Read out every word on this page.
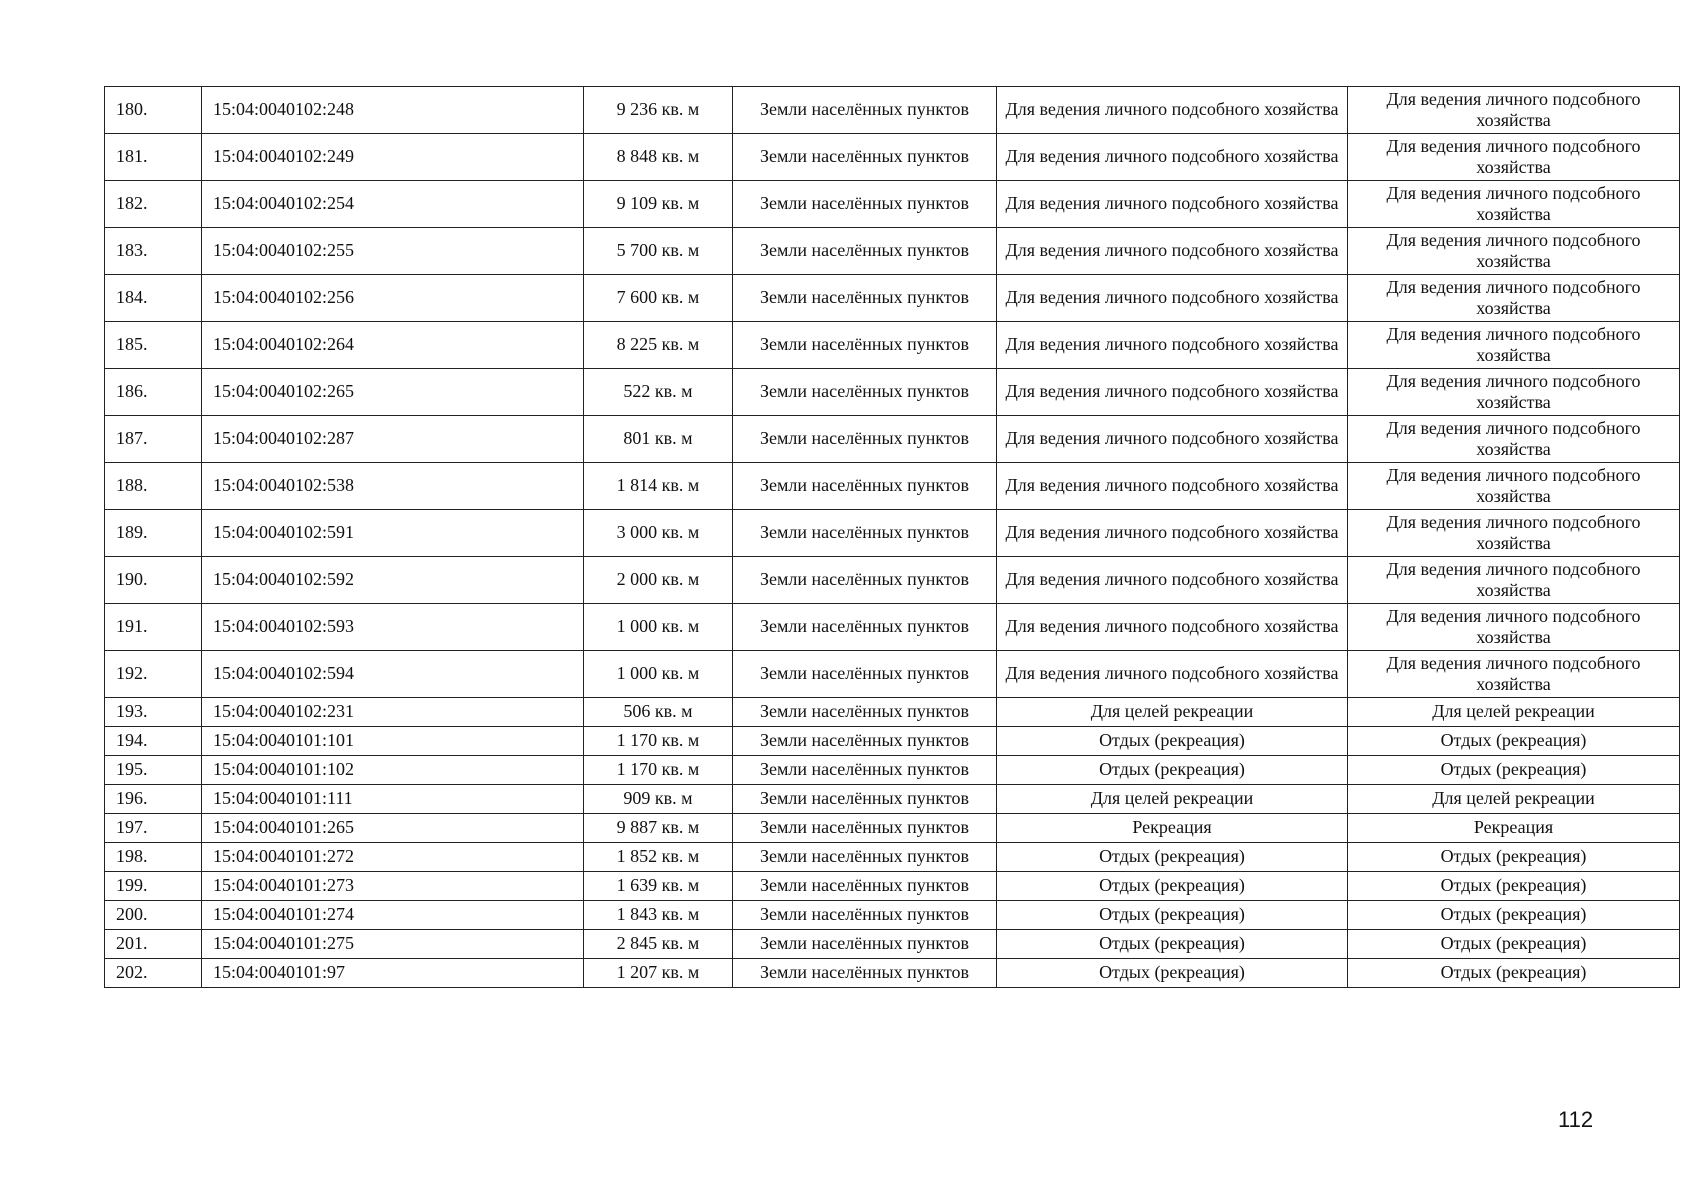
180.	15:04:0040102:248	9 236 кв. м	Земли населённых пунктов	Для ведения личного подсобного хозяйства	Для ведения личного подсобного хозяйства
181.	15:04:0040102:249	8 848 кв. м	Земли населённых пунктов	Для ведения личного подсобного хозяйства	Для ведения личного подсобного хозяйства
182.	15:04:0040102:254	9 109 кв. м	Земли населённых пунктов	Для ведения личного подсобного хозяйства	Для ведения личного подсобного хозяйства
183.	15:04:0040102:255	5 700 кв. м	Земли населённых пунктов	Для ведения личного подсобного хозяйства	Для ведения личного подсобного хозяйства
184.	15:04:0040102:256	7 600 кв. м	Земли населённых пунктов	Для ведения личного подсобного хозяйства	Для ведения личного подсобного хозяйства
185.	15:04:0040102:264	8 225 кв. м	Земли населённых пунктов	Для ведения личного подсобного хозяйства	Для ведения личного подсобного хозяйства
186.	15:04:0040102:265	522 кв. м	Земли населённых пунктов	Для ведения личного подсобного хозяйства	Для ведения личного подсобного хозяйства
187.	15:04:0040102:287	801 кв. м	Земли населённых пунктов	Для ведения личного подсобного хозяйства	Для ведения личного подсобного хозяйства
188.	15:04:0040102:538	1 814 кв. м	Земли населённых пунктов	Для ведения личного подсобного хозяйства	Для ведения личного подсобного хозяйства
189.	15:04:0040102:591	3 000 кв. м	Земли населённых пунктов	Для ведения личного подсобного хозяйства	Для ведения личного подсобного хозяйства
190.	15:04:0040102:592	2 000 кв. м	Земли населённых пунктов	Для ведения личного подсобного хозяйства	Для ведения личного подсобного хозяйства
191.	15:04:0040102:593	1 000 кв. м	Земли населённых пунктов	Для ведения личного подсобного хозяйства	Для ведения личного подсобного хозяйства
192.	15:04:0040102:594	1 000 кв. м	Земли населённых пунктов	Для ведения личного подсобного хозяйства	Для ведения личного подсобного хозяйства
193.	15:04:0040102:231	506 кв. м	Земли населённых пунктов	Для целей рекреации	Для целей рекреации
194.	15:04:0040101:101	1 170 кв. м	Земли населённых пунктов	Отдых (рекреация)	Отдых (рекреация)
195.	15:04:0040101:102	1 170 кв. м	Земли населённых пунктов	Отдых (рекреация)	Отдых (рекреация)
196.	15:04:0040101:111	909 кв. м	Земли населённых пунктов	Для целей рекреации	Для целей рекреации
197.	15:04:0040101:265	9 887 кв. м	Земли населённых пунктов	Рекреация	Рекреация
198.	15:04:0040101:272	1 852 кв. м	Земли населённых пунктов	Отдых (рекреация)	Отдых (рекреация)
199.	15:04:0040101:273	1 639 кв. м	Земли населённых пунктов	Отдых (рекреация)	Отдых (рекреация)
200.	15:04:0040101:274	1 843 кв. м	Земли населённых пунктов	Отдых (рекреация)	Отдых (рекреация)
201.	15:04:0040101:275	2 845 кв. м	Земли населённых пунктов	Отдых (рекреация)	Отдых (рекреация)
202.	15:04:0040101:97	1 207 кв. м	Земли населённых пунктов	Отдых (рекреация)	Отдых (рекреация)
112
